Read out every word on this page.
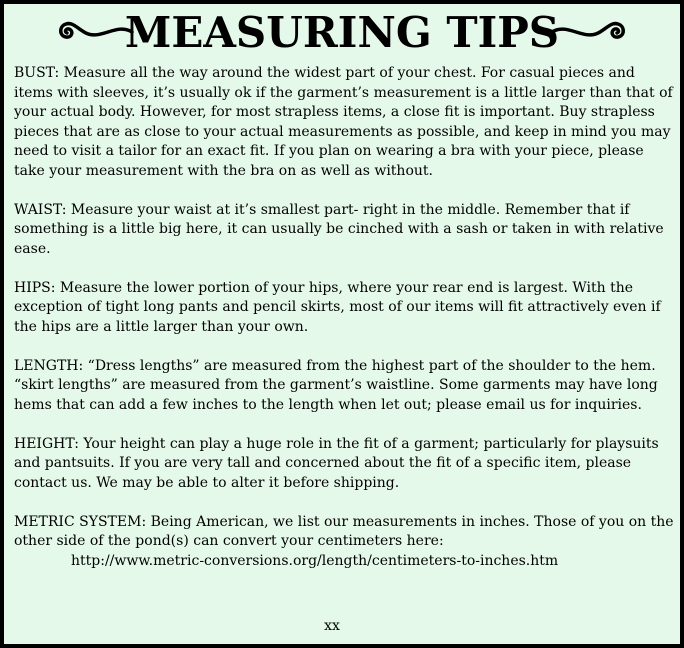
MEASURING TIPS

BUST: Measure all the way around the widest part of your chest. For casual pieces and items with sleeves, it’s usually ok if the garment’s measurement is a little larger than that of your actual body. However, for most strapless items, a close fit is important. Buy strapless pieces that are as close to your actual measurements as possible, and keep in mind you may need to visit a tailor for an exact fit. If you plan on wearing a bra with your piece, please take your measurement with the bra on as well as without.

WAIST: Measure your waist at it’s smallest part- right in the middle. Remember that if something is a little big here, it can usually be cinched with a sash or taken in with relative ease.

HIPS: Measure the lower portion of your hips, where your rear end is largest. With the exception of tight long pants and pencil skirts, most of our items will fit attractively even if the hips are a little larger than your own.

LENGTH: “Dress lengths” are measured from the highest part of the shoulder to the hem. “skirt lengths” are measured from the garment’s waistline. Some garments may have long hems that can add a few inches to the length when let out; please email us for inquiries.

HEIGHT: Your height can play a huge role in the fit of a garment; particularly for playsuits and pantsuits. If you are very tall and concerned about the fit of a specific item, please contact us. We may be able to alter it before shipping.

METRIC SYSTEM: Being American, we list our measurements in inches. Those of you on the other side of the pond(s) can convert your centimeters here:
http://www.metric-conversions.org/length/centimeters-to-inches.htm

xx
